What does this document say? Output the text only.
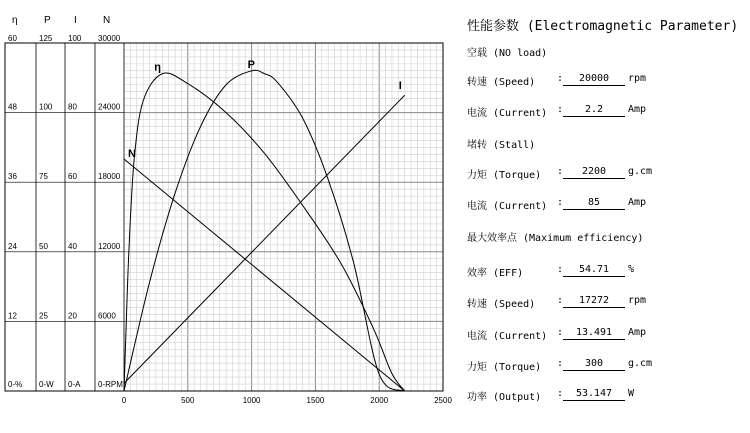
η	P I	N
0-%
12
24
36
48
60
0-W
25
50
75
100
125
0-A
20
40
60
80
100
0-RPM
6000
12000
18000
24000
30000
0	500	1000	1500	2000	2500
η	P
I
N
性能参数 (Electromagnetic Parameter)
空载 (NO load)
转速 (Speed) :	20000	rpm
电流 (Current) :	2.2	Amp
堵转 (Stall)
力矩 (Torque) :	2200	g.cm
电流 (Current) :	85	Amp
最大效率点 (Maximum efficiency)
效率 (EFF)	:	54.71	%
转速 (Speed) :	17272	rpm
电流 (Current) :	13.491	Amp
力矩 (Torque) :	300	g.cm
功率 (Output) :	53.147	W
